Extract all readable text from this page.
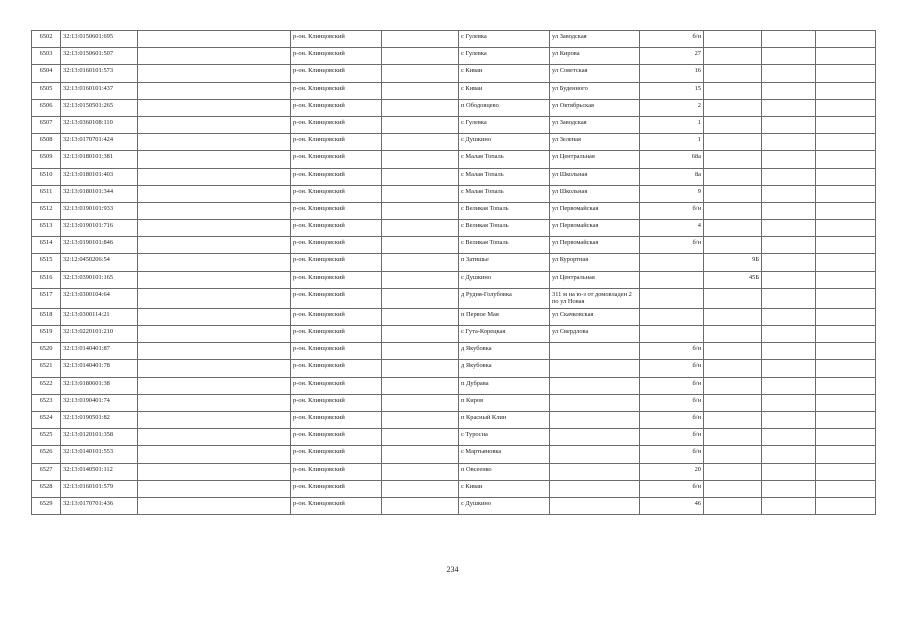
6502	32:13:0150601:695		р-он. Клинцовский		с Гулевка	ул Заводская	б/н			
6503	32:13:0150601:507		р-он. Клинцовский		с Гулевка	ул Кирова	27			
6504	32:13:0160101:573		р-он. Клинцовский		с Киваи	ул Советская	16			
6505	32:13:0160101:437		р-он. Клинцовский		с Киваи	ул Буденного	15			
6506	32:13:0150501:265		р-он. Клинцовский		п Ободовцево	ул Октябрьская	2			
6507	32:13:0360108:110		р-он. Клинцовский		с Гулевка	ул Заводская	1			
6508	32:13:0170701:424		р-он. Клинцовский		с Душкино	ул Зеленая	1			
6509	32:13:0180101:381		р-он. Клинцовский		с Малая Топаль	ул Центральная	68а			
6510	32:13:0180101:403		р-он. Клинцовский		с Малая Топаль	ул Школьная	8а			
6511	32:13:0180101:344		р-он. Клинцовский		с Малая Топаль	ул Школьная	9			
6512	32:13:0190101:933		р-он. Клинцовский		с Великая Топаль	ул Первомайская	б/н			
6513	32:13:0190101:716		р-он. Клинцовский		с Великая Топаль	ул Первомайская	4			
6514	32:13:0190101:846		р-он. Клинцовский		с Великая Топаль	ул Первомайская	б/н			
6515	32:12:0450206:54		р-он. Клинцовский		п Затишье	ул Курортная		9Б		
6516	32:13:0390101:165		р-он. Клинцовский		с Душкино	ул Центральная		45Б		
6517	32:13:0300104:64		р-он. Клинцовский		д Рудня-Голубовка	311 м на ю-з от домовладен 2 по ул Новая				
6518	32:13:0300114:21		р-он. Клинцовский		п Первое Мая	ул Скачковская				
6519	32:13:0220101:210		р-он. Клинцовский		с Гута-Корецкая	ул Свердлова				
6520	32:13:0140401:87		р-он. Клинцовский		д Якубовка		б/н			
6521	32:13:0140401:78		р-он. Клинцовский		д Якубовка		б/н			
6522	32:13:0180601:38		р-он. Клинцовский		п Дубрава		б/н			
6523	32:13:0190401:74		р-он. Клинцовский		п Киров		б/н			
6524	32:13:0190501:82		р-он. Клинцовский		п Красный Клин		б/н			
6525	32:13:0120101:358		р-он. Клинцовский		с Туросна		б/н			
6526	32:13:0140101:553		р-он. Клинцовский		с Мартьяновка		б/н			
6527	32:13:0140501:112		р-он. Клинцовский		п Овсеенко		20			
6528	32:13:0160101:579		р-он. Клинцовский		с Киваи		б/н			
6529	32:13:0170701:436		р-он. Клинцовский		с Душкино		46			
234
